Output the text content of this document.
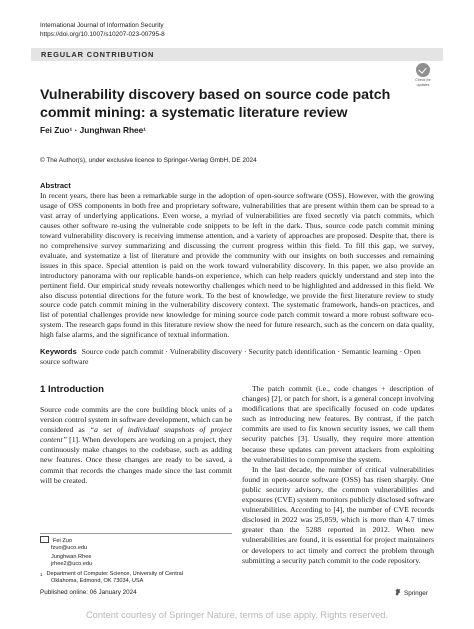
International Journal of Information Security
https://doi.org/10.1007/s10207-023-00795-8
REGULAR CONTRIBUTION
Check for
updates
Vulnerability discovery based on source code patch commit mining: a systematic literature review
Fei Zuo¹ · Junghwan Rhee¹
© The Author(s), under exclusive licence to Springer-Verlag GmbH, DE 2024
Abstract
In recent years, there has been a remarkable surge in the adoption of open-source software (OSS). However, with the growing usage of OSS components in both free and proprietary software, vulnerabilities that are present within them can be spread to a vast array of underlying applications. Even worse, a myriad of vulnerabilities are fixed secretly via patch commits, which causes other software re-using the vulnerable code snippets to be left in the dark. Thus, source code patch commit mining toward vulnerability discovery is receiving immense attention, and a variety of approaches are proposed. Despite that, there is no comprehensive survey summarizing and discussing the current progress within this field. To fill this gap, we survey, evaluate, and systematize a list of literature and provide the community with our insights on both successes and remaining issues in this space. Special attention is paid on the work toward vulnerability discovery. In this paper, we also provide an introductory panorama with our replicable hands-on experience, which can help readers quickly understand and step into the pertinent field. Our empirical study reveals noteworthy challenges which need to be highlighted and addressed in this field. We also discuss potential directions for the future work. To the best of knowledge, we provide the first literature review to study source code patch commit mining in the vulnerability discovery context. The systematic framework, hands-on practices, and list of potential challenges provide new knowledge for mining source code patch commit toward a more robust software eco-system. The research gaps found in this literature review show the need for future research, such as the concern on data quality, high false alarms, and the significance of textual information.
Keywords Source code patch commit · Vulnerability discovery · Security patch identification · Semantic learning · Open source software
1 Introduction
Source code commits are the core building block units of a version control system in software development, which can be considered as “a set of individual snapshots of project content” [1]. When developers are working on a project, they continuously make changes to the codebase, such as adding new features. Once these changes are ready to be saved, a commit that records the changes made since the last commit will be created.

The patch commit (i.e., code changes + description of changes) [2], or patch for short, is a general concept involving modifications that are specifically focused on code updates such as introducing new features. By contrast, if the patch commits are used to fix known security issues, we call them security patches [3]. Usually, they require more attention because these updates can prevent attackers from exploiting the vulnerabilities to compromise the system.

In the last decade, the number of critical vulnerabilities found in open-source software (OSS) has risen sharply. One public security advisory, the common vulnerabilities and exposures (CVE) system monitors publicly disclosed software vulnerabilities. According to [4], the number of CVE records disclosed in 2022 was 25,059, which is more than 4.7 times greater than the 5288 reported in 2012. When new vulnerabilities are found, it is essential for project maintainers or developers to act timely and correct the problem through submitting a security patch commit to the code repository.

Fei Zuo
fzuo@uco.edu
Junghwan Rhee
jrhee2@uco.edu
$^1$ Department of Computer Science, University of Central
Oklahoma, Edmond, OK 73034, USA
Published online: 06 January 2024	Springer
Content courtesy of Springer Nature, terms of use apply. Rights reserved.
